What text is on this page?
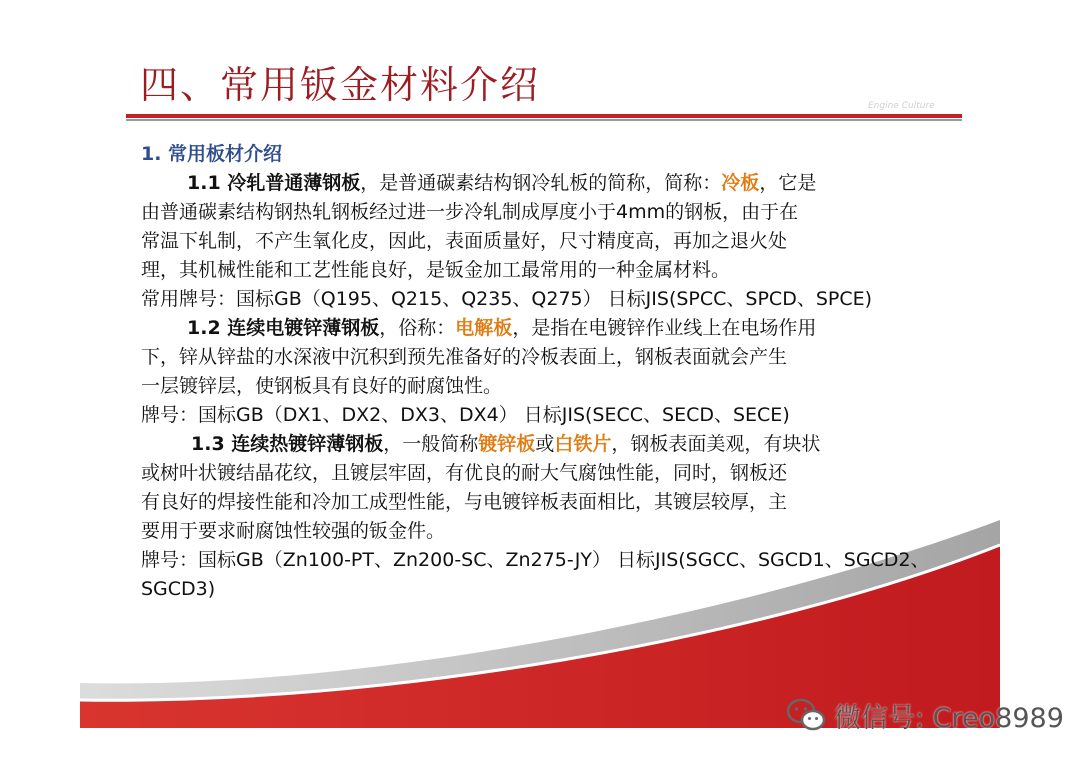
四、常用钣金材料介绍	Engine Culture
1. 常用板材介绍
1.1 冷轧普通薄钢板，是普通碳素结构钢冷轧板的简称，简称：冷板，它是
由普通碳素结构钢热轧钢板经过进一步冷轧制成厚度小于4mm的钢板，由于在
常温下轧制，不产生氧化皮，因此，表面质量好，尺寸精度高，再加之退火处
理，其机械性能和工艺性能良好，是钣金加工最常用的一种金属材料。
常用牌号：国标GB（Q195、Q215、Q235、Q275） 日标JIS(SPCC、SPCD、SPCE)
1.2 连续电镀锌薄钢板，俗称：电解板，是指在电镀锌作业线上在电场作用
下，锌从锌盐的水深液中沉积到预先准备好的冷板表面上，钢板表面就会产生
一层镀锌层，使钢板具有良好的耐腐蚀性。
牌号：国标GB（DX1、DX2、DX3、DX4） 日标JIS(SECC、SECD、SECE)
1.3 连续热镀锌薄钢板，一般简称镀锌板或白铁片，钢板表面美观，有块状
或树叶状镀结晶花纹，且镀层牢固，有优良的耐大气腐蚀性能，同时，钢板还
有良好的焊接性能和冷加工成型性能，与电镀锌板表面相比，其镀层较厚，主
要用于要求耐腐蚀性较强的钣金件。
牌号：国标GB（Zn100-PT、Zn200-SC、Zn275-JY） 日标JIS(SGCC、SGCD1、SGCD2、
SGCD3)
微信号: Creo8989
